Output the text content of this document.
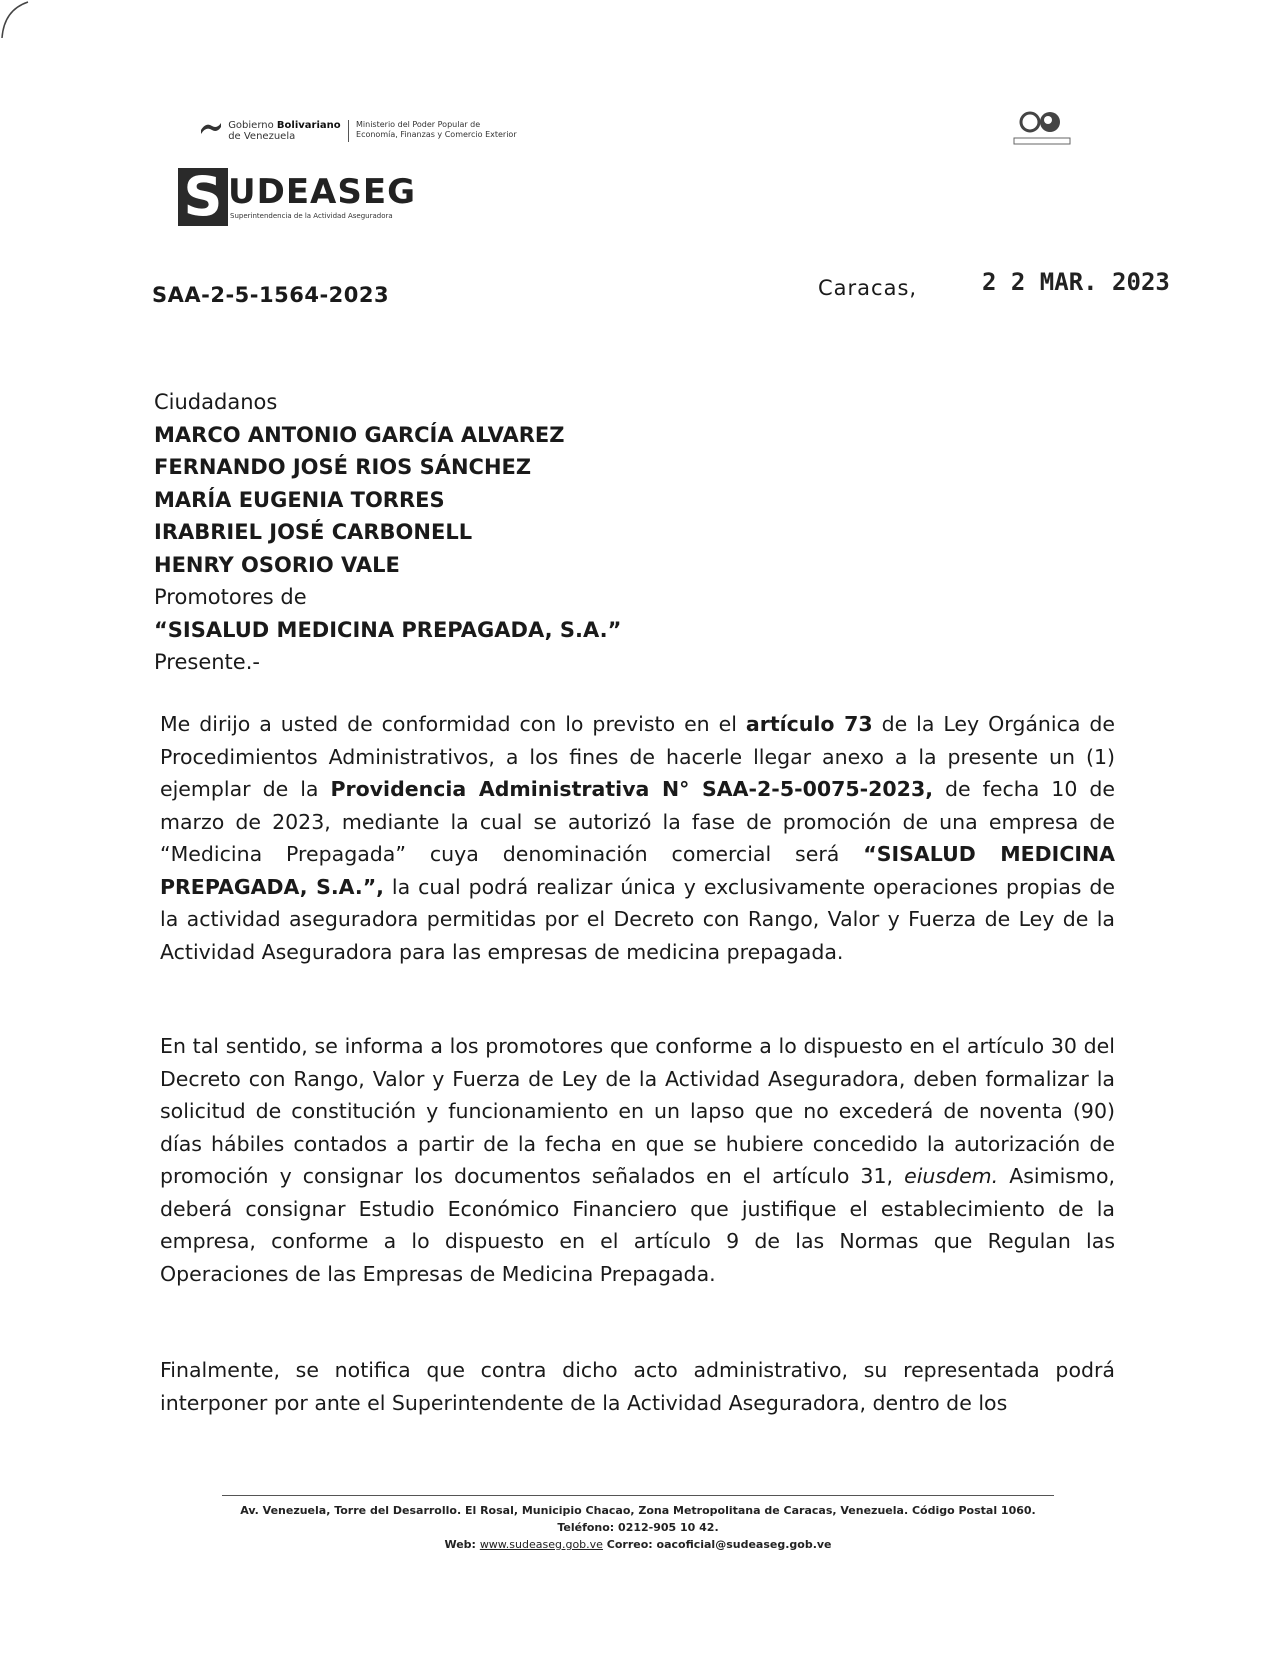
Gobierno Bolivariano
de Venezuela  Ministerio del Poder Popular de
Economía, Finanzas y Comercio Exterior
S UDEASEG
Superintendencia de la Actividad Aseguradora
SAA-2-5-1564-2023	Caracas,	2 2 MAR. 2023
Ciudadanos
MARCO ANTONIO GARCÍA ALVAREZ
FERNANDO JOSÉ RIOS SÁNCHEZ
MARÍA EUGENIA TORRES
IRABRIEL JOSÉ CARBONELL
HENRY OSORIO VALE
Promotores de
“SISALUD MEDICINA PREPAGADA, S.A.”
Presente.-

Me dirijo a usted de conformidad con lo previsto en el artículo 73 de la Ley Orgánica de Procedimientos Administrativos, a los fines de hacerle llegar anexo a la presente un (1) ejemplar de la Providencia Administrativa N° SAA-2-5-0075-2023, de fecha 10 de marzo de 2023, mediante la cual se autorizó la fase de promoción de una empresa de “Medicina Prepagada” cuya denominación comercial será “SISALUD MEDICINA PREPAGADA, S.A.”, la cual podrá realizar única y exclusivamente operaciones propias de la actividad aseguradora permitidas por el Decreto con Rango, Valor y Fuerza de Ley de la Actividad Aseguradora para las empresas de medicina prepagada.

En tal sentido, se informa a los promotores que conforme a lo dispuesto en el artículo 30 del Decreto con Rango, Valor y Fuerza de Ley de la Actividad Aseguradora, deben formalizar la solicitud de constitución y funcionamiento en un lapso que no excederá de noventa (90) días hábiles contados a partir de la fecha en que se hubiere concedido la autorización de promoción y consignar los documentos señalados en el artículo 31, eiusdem. Asimismo, deberá consignar Estudio Económico Financiero que justifique el establecimiento de la empresa, conforme a lo dispuesto en el artículo 9 de las Normas que Regulan las Operaciones de las Empresas de Medicina Prepagada.

Finalmente, se notifica que contra dicho acto administrativo, su representada podrá interponer por ante el Superintendente de la Actividad Aseguradora, dentro de los

Av. Venezuela, Torre del Desarrollo. El Rosal, Municipio Chacao, Zona Metropolitana de Caracas, Venezuela. Código Postal 1060.
Teléfono: 0212-905 10 42.
Web: www.sudeaseg.gob.ve Correo: oacoficial@sudeaseg.gob.ve
